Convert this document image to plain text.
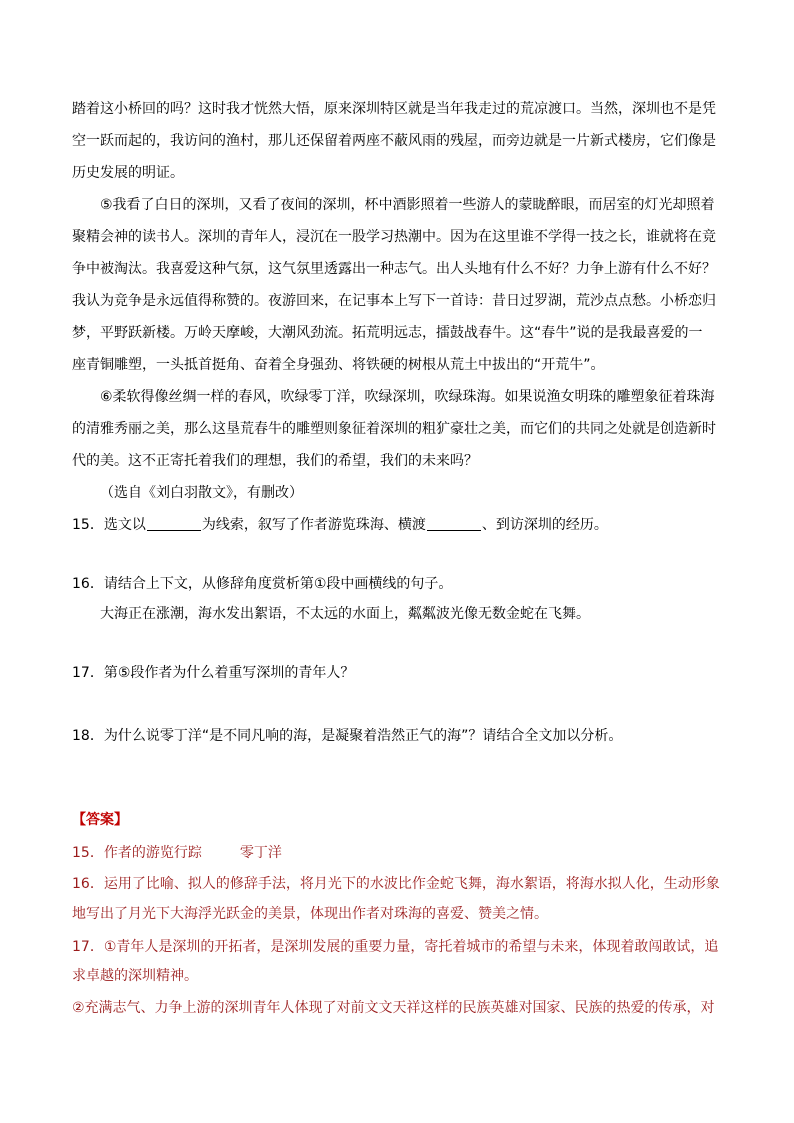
踏着这小桥回的吗？这时我才恍然大悟，原来深圳特区就是当年我走过的荒凉渡口。当然，深圳也不是凭
空一跃而起的，我访问的渔村，那儿还保留着两座不蔽风雨的残屋，而旁边就是一片新式楼房，它们像是
历史发展的明证。
⑤我看了白日的深圳，又看了夜间的深圳，杯中酒影照着一些游人的蒙眬醉眼，而居室的灯光却照着
聚精会神的读书人。深圳的青年人，浸沉在一股学习热潮中。因为在这里谁不学得一技之长，谁就将在竞
争中被淘汰。我喜爱这种气氛，这气氛里透露出一种志气。出人头地有什么不好？力争上游有什么不好？
我认为竞争是永远值得称赞的。夜游回来，在记事本上写下一首诗：昔日过罗湖，荒沙点点愁。小桥恋归
梦，平野跃新楼。万岭天摩峻，大潮风劲流。拓荒明远志，擂鼓战春牛。这“春牛”说的是我最喜爱的一
座青铜雕塑，一头抵首挺角、奋着全身强劲、将铁硬的树根从荒土中拔出的“开荒牛”。
⑥柔软得像丝绸一样的春风，吹绿零丁洋，吹绿深圳，吹绿珠海。如果说渔女明珠的雕塑象征着珠海
的清雅秀丽之美，那么这垦荒春牛的雕塑则象征着深圳的粗犷豪壮之美，而它们的共同之处就是创造新时
代的美。这不正寄托着我们的理想，我们的希望，我们的未来吗？
（选自《刘白羽散文》，有删改）
15．选文以	为线索，叙写了作者游览珠海、横渡	、到访深圳的经历。
16．请结合上下文，从修辞角度赏析第①段中画横线的句子。
大海正在涨潮，海水发出絮语，不太远的水面上，粼粼波光像无数金蛇在飞舞。
17．第⑤段作者为什么着重写深圳的青年人？
18．为什么说零丁洋“是不同凡响的海，是凝聚着浩然正气的海”？请结合全文加以分析。
【答案】
15．作者的游览行踪	零丁洋
16．运用了比喻、拟人的修辞手法，将月光下的水波比作金蛇飞舞，海水絮语，将海水拟人化，生动形象
地写出了月光下大海浮光跃金的美景，体现出作者对珠海的喜爱、赞美之情。
17．①青年人是深圳的开拓者，是深圳发展的重要力量，寄托着城市的希望与未来，体现着敢闯敢试，追
求卓越的深圳精神。
②充满志气、力争上游的深圳青年人体现了对前文文天祥这样的民族英雄对国家、民族的热爱的传承，对
